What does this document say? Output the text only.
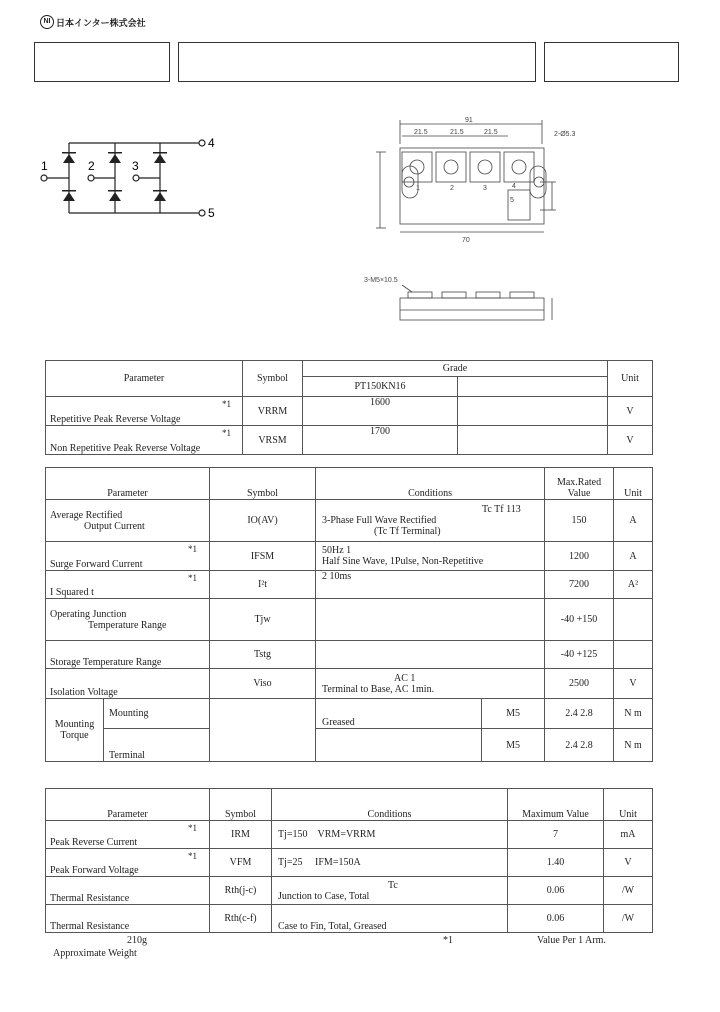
NI 日本インター株式会社
1	2	3
4
5
91
21.5	21.5	21.5	2-Ø5.3
70
1	2	3	4
5
3-M5×10.5
Parameter	Symbol	Grade		Unit
		PT150KN16		

*1
Repetitive Peak Reverse Voltage	VRRM	1600		V

*1
Non Repetitive Peak Reverse Voltage	VRSM	1700		V
Parameter		Symbol	Conditions		Max.Rated Value	Unit

Average Rectified
Output Current		IO(AV)	Tc Tf 113
3-Phase Full Wave Rectified
(Tc Tf Terminal)		150	A

*1
Surge Forward Current		IFSM	50Hz 1
Half Sine Wave, 1Pulse, Non-Repetitive		1200	A

*1
I Squared t		I²t	2 10ms		7200	A²

Operating Junction
Temperature Range		Tjw			-40 +150	
Storage Temperature Range		Tstg			-40 +125	
Isolation Voltage		Viso	AC 1
Terminal to Base, AC 1min.		2500	V

Mounting
Torque	Mounting		Greased	M5	2.4 2.8	N m
	Terminal			M5	2.4 2.8	N m
Parameter	Symbol	Conditions	Maximum Value	Unit

*1
Peak Reverse Current	IRM	Tj=150 VRM=VRRM	7	mA

*1
Peak Forward Voltage	VFM	Tj=25 IFM=150A	1.40	V
Thermal Resistance	Rth(j-c)	Tc
Junction to Case, Total	0.06	/W
Thermal Resistance	Rth(c-f)	Case to Fin, Total, Greased	0.06	/W
210g
Approximate Weight
*1	Value Per 1 Arm.
